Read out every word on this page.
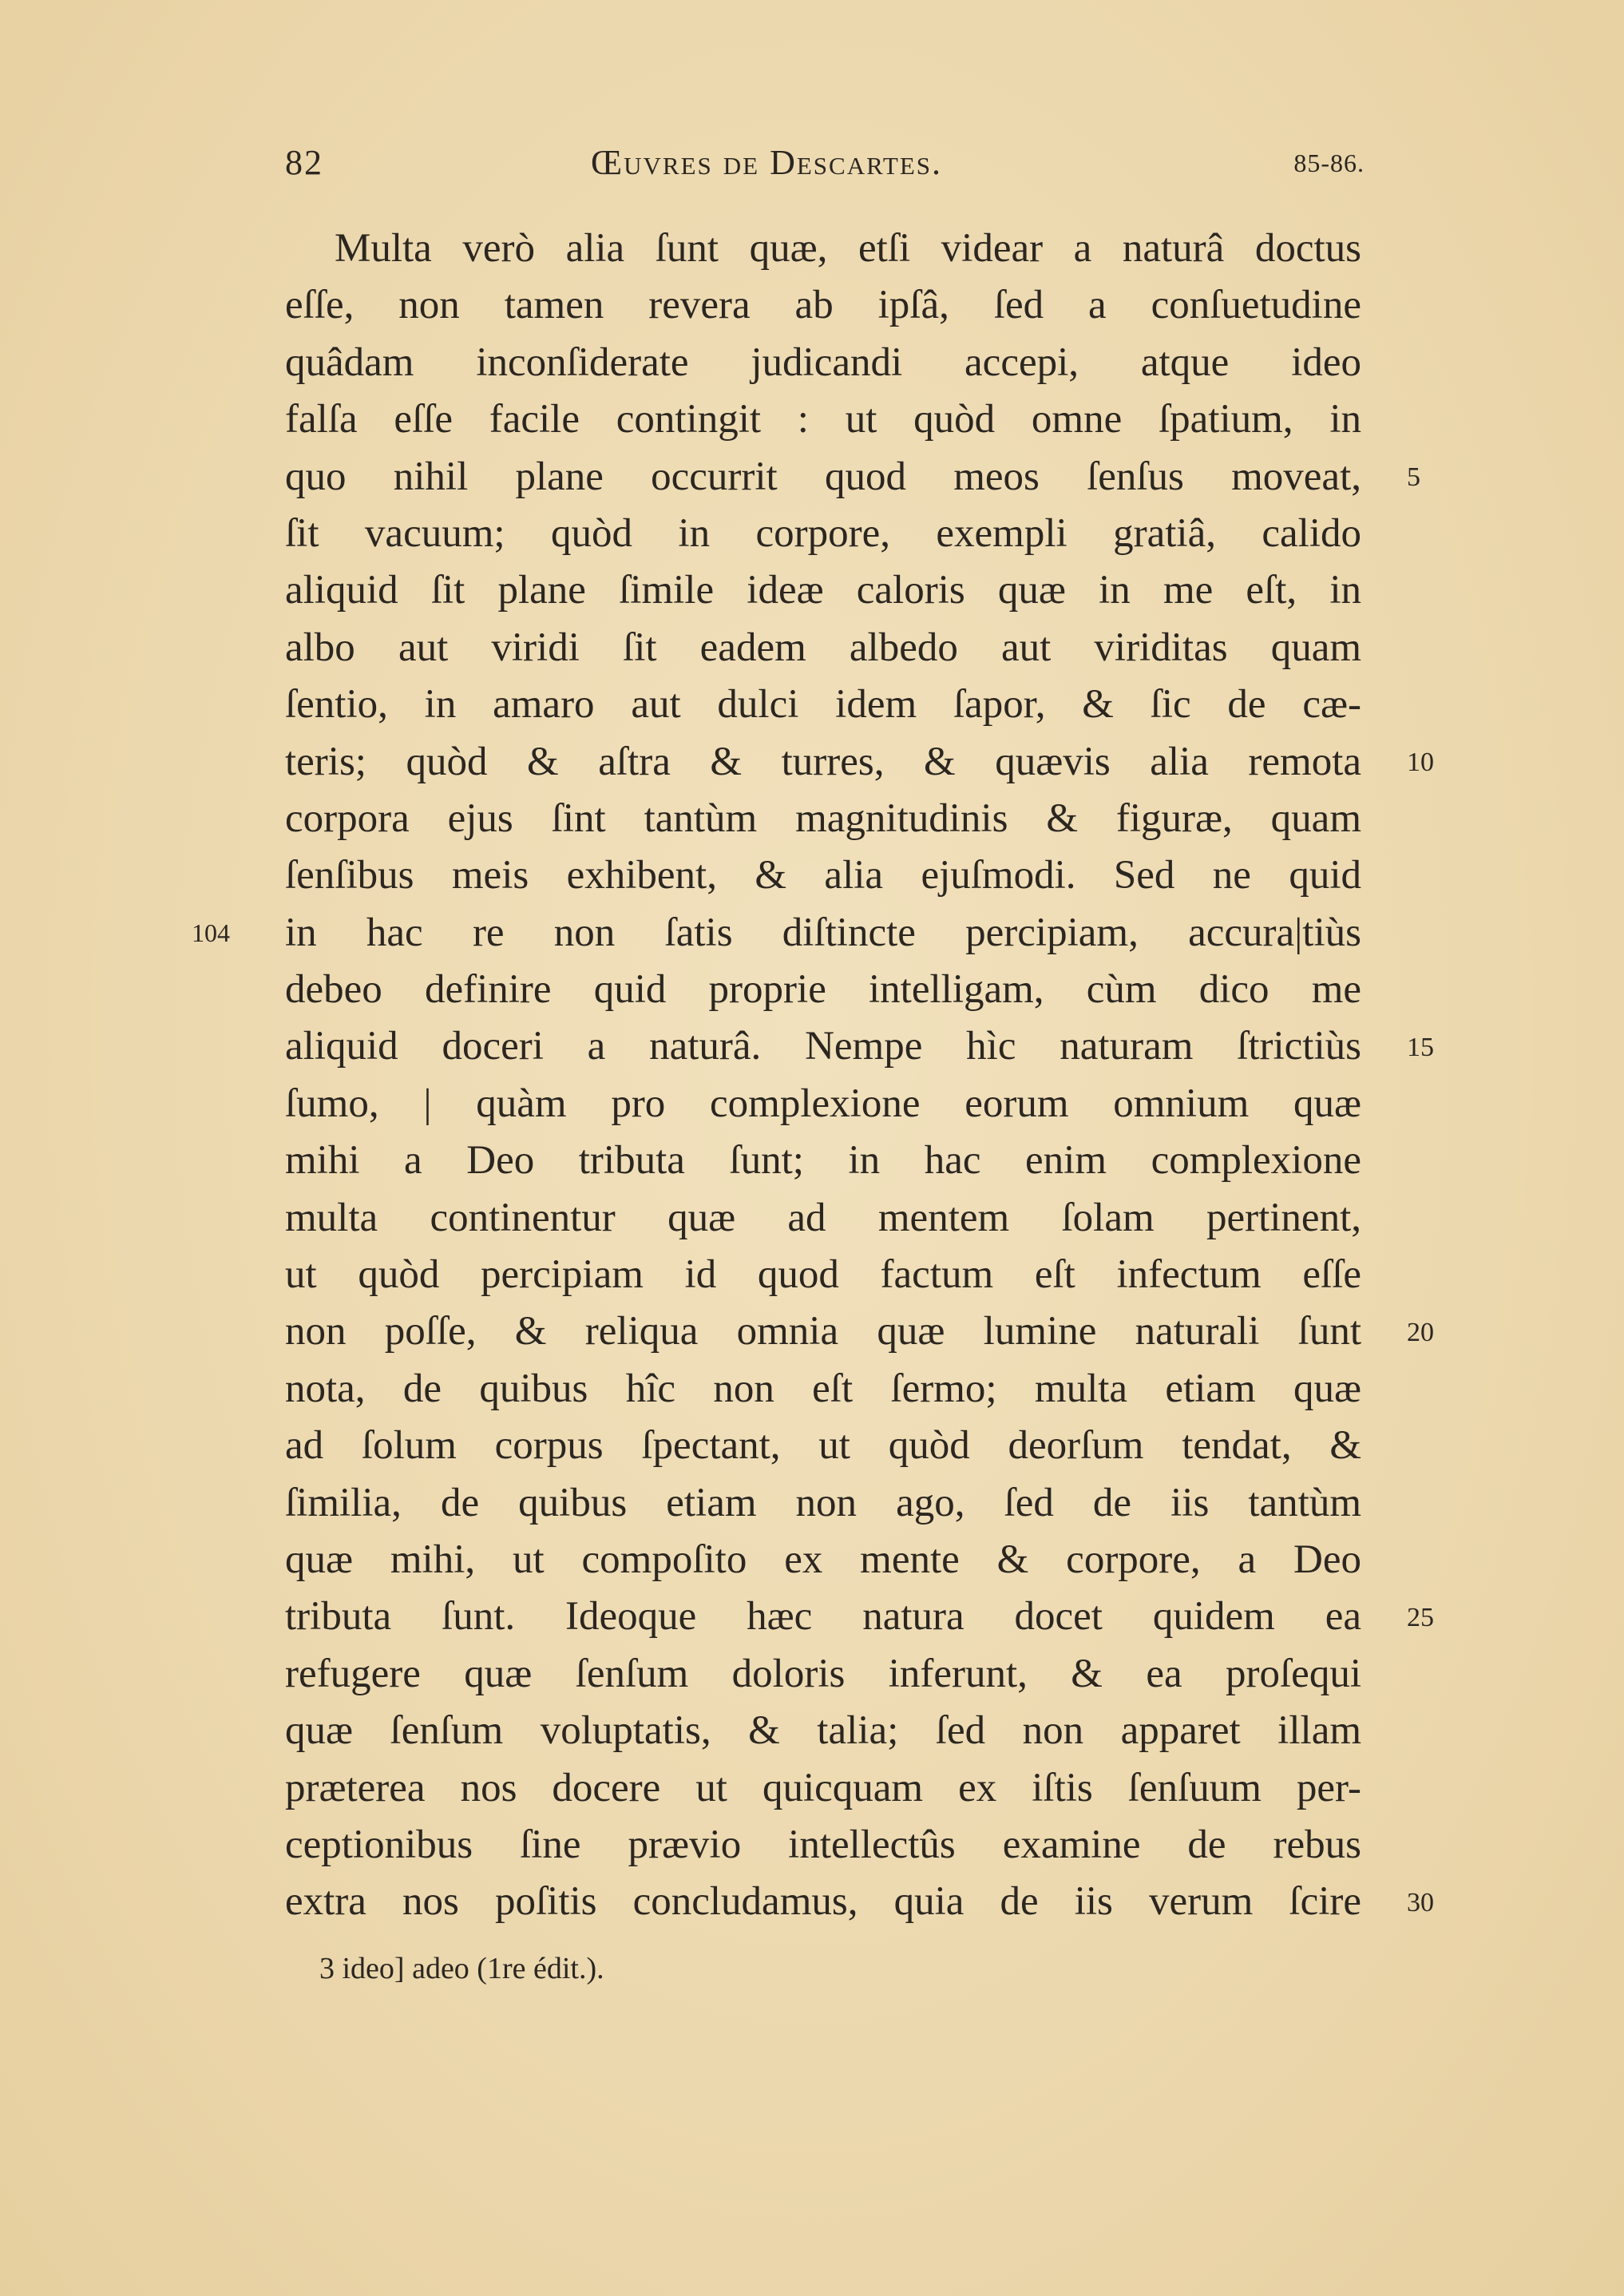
82	Œuvres de Descartes.	85-86.
Multa verò alia ſunt quæ, etſi videar a naturâ doctus
eſſe, non tamen revera ab ipſâ, ſed a conſuetudine
quâdam inconſiderate judicandi accepi, atque ideo
falſa eſſe facile contingit : ut quòd omne ſpatium, in
quo nihil plane occurrit quod meos ſenſus moveat,
ſit vacuum; quòd in corpore, exempli gratiâ, calido
aliquid ſit plane ſimile ideæ caloris quæ in me eſt, in
albo aut viridi ſit eadem albedo aut viriditas quam
ſentio, in amaro aut dulci idem ſapor, & ſic de cæ-
teris; quòd & aſtra & turres, & quævis alia remota
corpora ejus ſint tantùm magnitudinis & figuræ, quam
ſenſibus meis exhibent, & alia ejuſmodi. Sed ne quid
in hac re non ſatis diſtincte percipiam, accura|tiùs
debeo definire quid proprie intelligam, cùm dico me
aliquid doceri a naturâ. Nempe hìc naturam ſtrictiùs
ſumo, | quàm pro complexione eorum omnium quæ
mihi a Deo tributa ſunt; in hac enim complexione
multa continentur quæ ad mentem ſolam pertinent,
ut quòd percipiam id quod factum eſt infectum eſſe
non poſſe, & reliqua omnia quæ lumine naturali ſunt
nota, de quibus hîc non eſt ſermo; multa etiam quæ
ad ſolum corpus ſpectant, ut quòd deorſum tendat, &
ſimilia, de quibus etiam non ago, ſed de iis tantùm
quæ mihi, ut compoſito ex mente & corpore, a Deo
tributa ſunt. Ideoque hæc natura docet quidem ea
refugere quæ ſenſum doloris inferunt, & ea proſequi
quæ ſenſum voluptatis, & talia; ſed non apparet illam
præterea nos docere ut quicquam ex iſtis ſenſuum per-
ceptionibus ſine prævio intellectûs examine de rebus
extra nos poſitis concludamus, quia de iis verum ſcire
5
10
15
20
25
30
104
3 ideo] adeo (1re édit.).
